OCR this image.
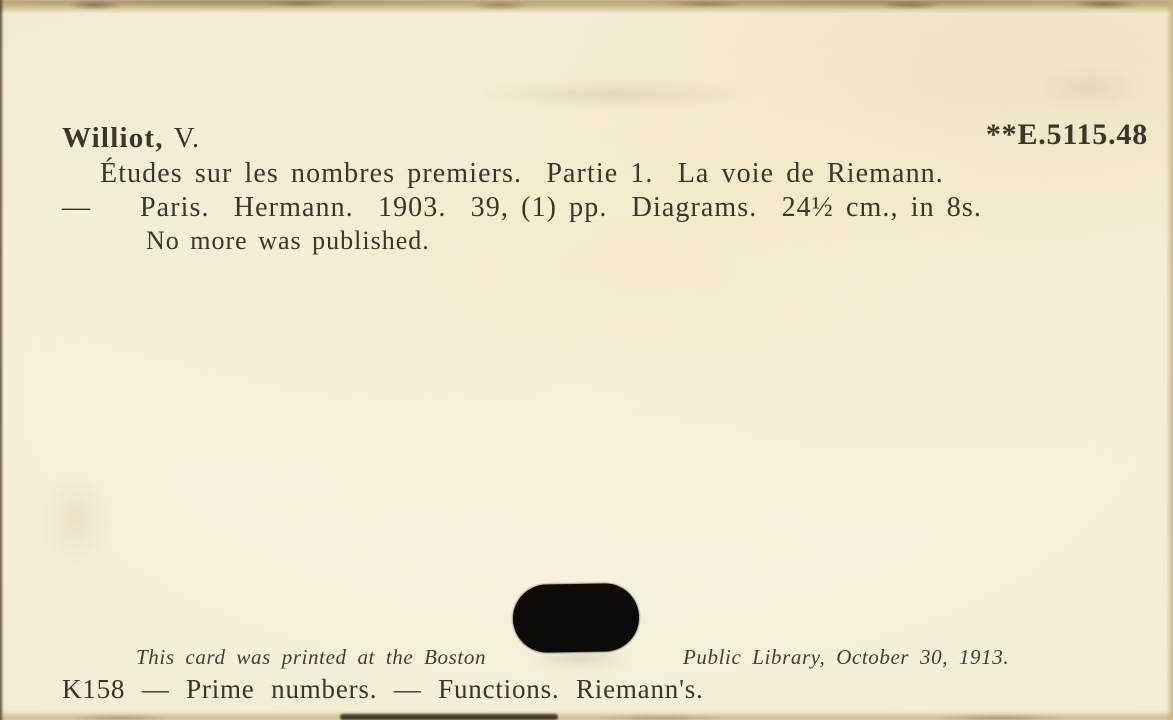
Williot, V.	**E.5115.48
Études sur les nombres premiers.  Partie 1.  La voie de Riemann.
— Paris.  Hermann.  1903.  39, (1) pp.  Diagrams.  24½ cm., in 8s.
No more was published.
This card was printed at the Boston	Public Library, October 30, 1913.
K158 — Prime numbers. — Functions. Riemann's.
